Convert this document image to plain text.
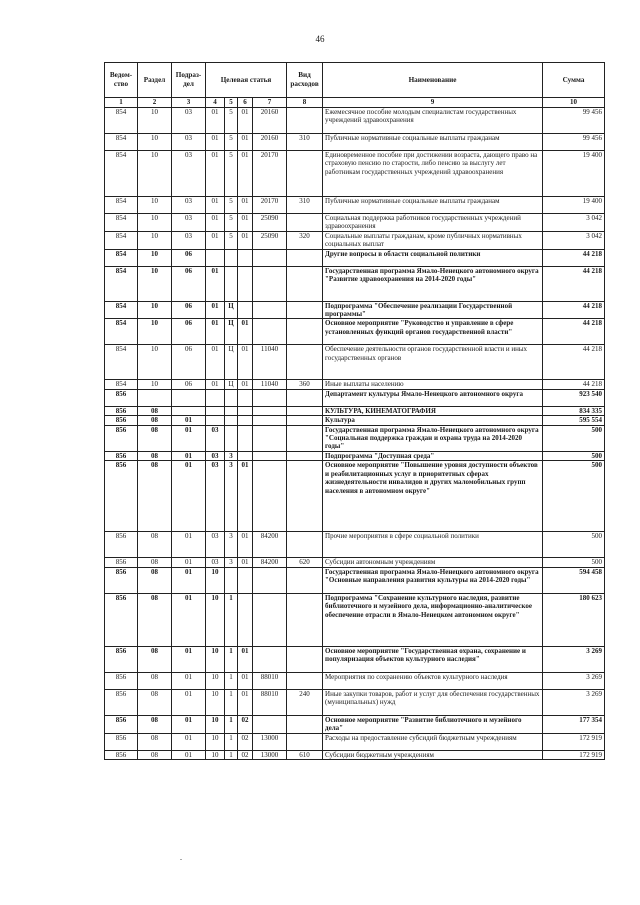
46
Ведом-ство	Раздел	Подраз-дел	Целевая статья				Вид расходов	Наименование	Сумма
1	2	3	4	5	6	7	8	9	10
854	10	03	01	5	01	20160		Ежемесячное пособие молодым специалистам государственных учреждений здравоохранения	99 456
854	10	03	01	5	01	20160	310	Публичные нормативные социальные выплаты гражданам	99 456
854	10	03	01	5	01	20170		Единовременное пособие при достижении возраста, дающего право на страховую пенсию по старости, либо пенсию за выслугу лет работникам государственных учреждений здравоохранения	19 400
854	10	03	01	5	01	20170	310	Публичные нормативные социальные выплаты гражданам	19 400
854	10	03	01	5	01	25090		Социальная поддержка работников государственных учреждений здравоохранения	3 042
854	10	03	01	5	01	25090	320	Социальные выплаты гражданам, кроме публичных нормативных социальных выплат	3 042
854	10	06						Другие вопросы в области социальной политики	44 218
854	10	06	01					Государственная программа Ямало-Ненецкого автономного округа "Развитие здравоохранения на 2014-2020 годы"	44 218
854	10	06	01	Ц				Подпрограмма "Обеспечение реализации Государственной программы"	44 218
854	10	06	01	Ц	01			Основное мероприятие "Руководство и управление в сфере установленных функций органов государственной власти"	44 218
854	10	06	01	Ц	01	11040		Обеспечение деятельности органов государственной власти и иных государственных органов	44 218
854	10	06	01	Ц	01	11040	360	Иные выплаты населению	44 218
856								Департамент культуры Ямало-Ненецкого автономного округа	923 540
856	08							КУЛЬТУРА, КИНЕМАТОГРАФИЯ	834 335
856	08	01						Культура	595 554
856	08	01	03					Государственная программа Ямало-Ненецкого автономного округа "Социальная поддержка граждан и охрана труда на 2014-2020 годы"	500
856	08	01	03	3				Подпрограмма "Доступная среда"	500
856	08	01	03	3	01			Основное мероприятие "Повышение уровня доступности объектов и реабилитационных услуг в приоритетных сферах жизнедеятельности инвалидов и других маломобильных групп населения в автономном округе"	500
856	08	01	03	3	01	84200		Прочие мероприятия в сфере социальной политики	500
856	08	01	03	3	01	84200	620	Субсидии автономным учреждениям	500
856	08	01	10					Государственная программа Ямало-Ненецкого автономного округа "Основные направления развития культуры на 2014-2020 годы"	594 458
856	08	01	10	1				Подпрограмма "Сохранение культурного наследия, развитие библиотечного и музейного дела, информационно-аналитическое обеспечение отрасли в Ямало-Ненецком автономном округе"	180 623
856	08	01	10	1	01			Основное мероприятие "Государственная охрана, сохранение и популяризация объектов культурного наследия"	3 269
856	08	01	10	1	01	88010		Мероприятия по сохранению объектов культурного наследия	3 269
856	08	01	10	1	01	88010	240	Иные закупки товаров, работ и услуг для обеспечения государственных (муниципальных) нужд	3 269
856	08	01	10	1	02			Основное мероприятие "Развитие библиотечного и музейного дела"	177 354
856	08	01	10	1	02	13000		Расходы на предоставление субсидий бюджетным учреждениям	172 919
856	08	01	10	1	02	13000	610	Субсидии бюджетным учреждениям	172 919
.
